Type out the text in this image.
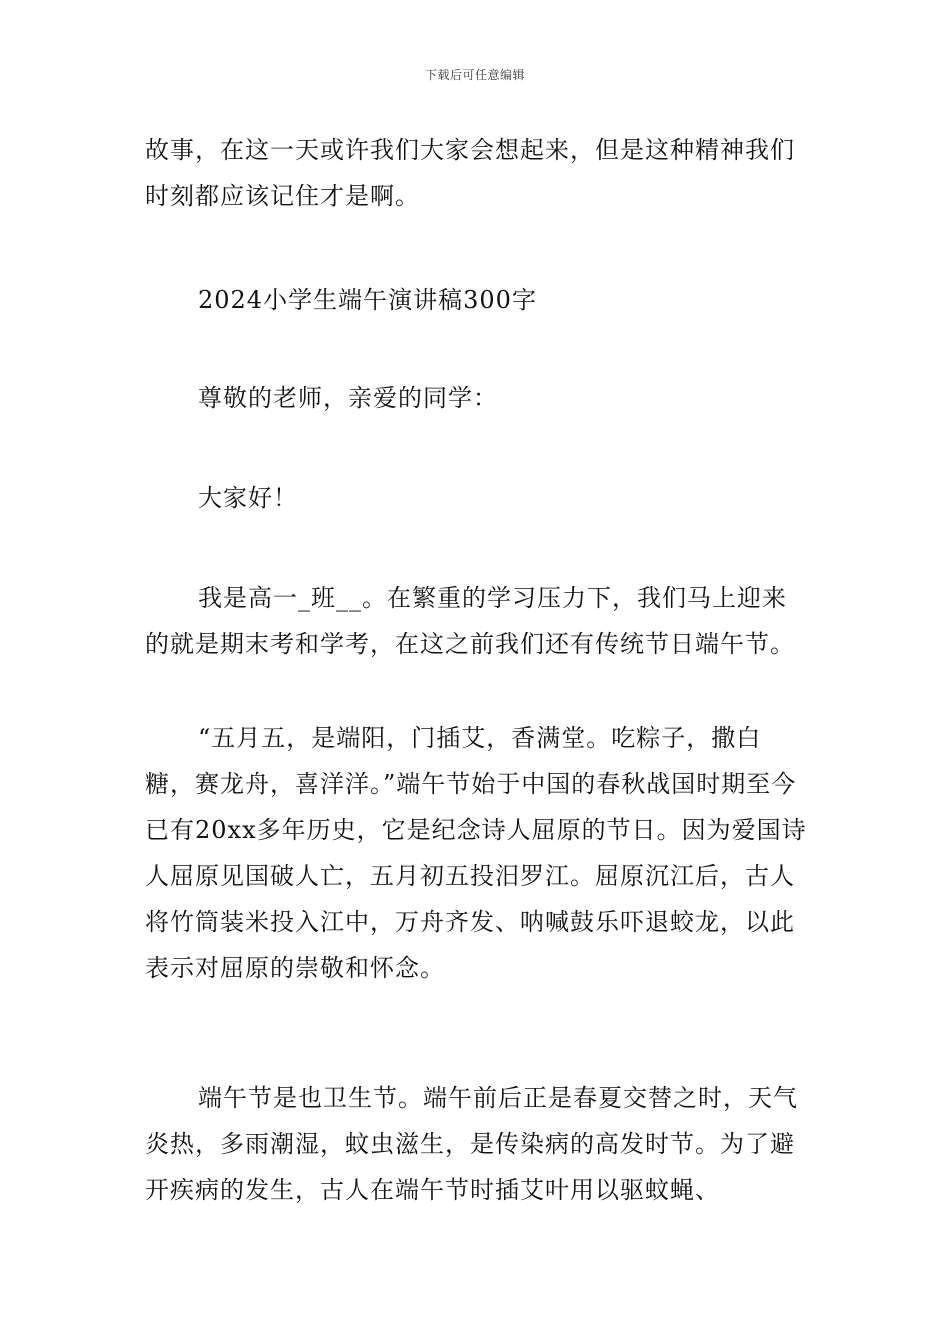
下载后可任意编辑

故事，在这一天或许我们大家会想起来，但是这种精神我们时刻都应该记住才是啊。

2024小学生端午演讲稿300字

尊敬的老师，亲爱的同学：

大家好！

我是高一_班__。在繁重的学习压力下，我们马上迎来的就是期末考和学考，在这之前我们还有传统节日端午节。

“五月五，是端阳，门插艾，香满堂。吃粽子，撒白糖，赛龙舟，喜洋洋。”端午节始于中国的春秋战国时期至今已有20xx多年历史，它是纪念诗人屈原的节日。因为爱国诗人屈原见国破人亡，五月初五投汨罗江。屈原沉江后，古人将竹筒装米投入江中，万舟齐发、呐喊鼓乐吓退蛟龙，以此表示对屈原的崇敬和怀念。

端午节是也卫生节。端午前后正是春夏交替之时，天气炎热，多雨潮湿，蚊虫滋生，是传染病的高发时节。为了避开疾病的发生，古人在端午节时插艾叶用以驱蚊蝇、
